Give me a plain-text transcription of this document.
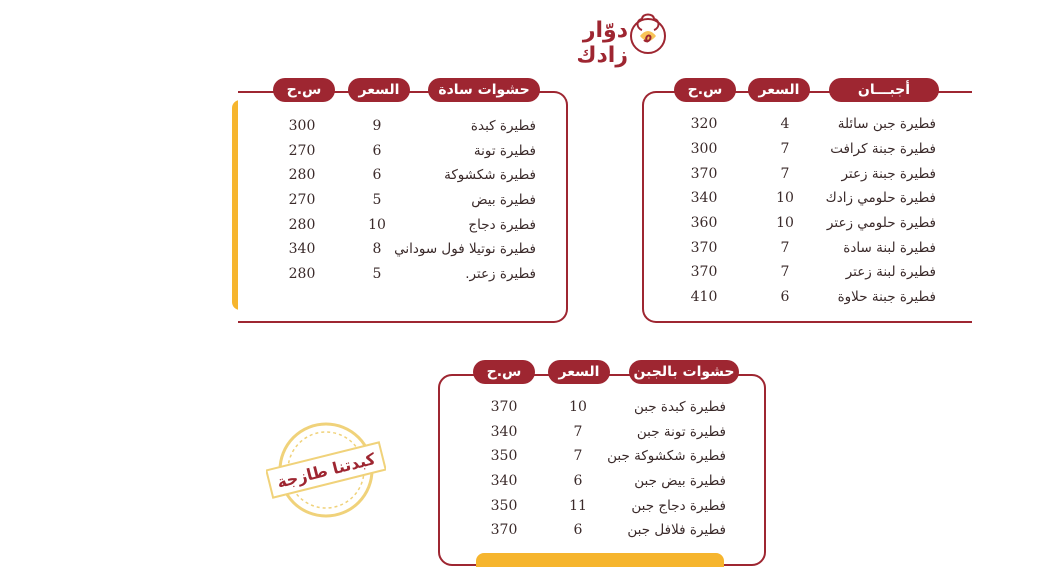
دوّار زادك
أجبـــان
السعر
س.ح
فطيرة جبن سائلة
4
320
فطيرة جبنة كرافت
7
300
فطيرة جبنة زعتر
7
370
فطيرة حلومي زادك
10
340
فطيرة حلومي زعتر
10
360
فطيرة لبنة سادة
7
370
فطيرة لبنة زعتر
7
370
فطيرة جبنة حلاوة
6
410
حشوات سادة
السعر
س.ح
فطيرة كبدة
9
300
فطيرة تونة
6
270
فطيرة شكشوكة
6
280
فطيرة بيض
5
270
فطيرة دجاج
10
280
فطيرة نوتيلا فول سوداني
8
340
فطيرة زعتر.
5
280
حشوات بالجبن
السعر
س.ح
فطيرة كبدة جبن
10
370
فطيرة تونة جبن
7
340
فطيرة شكشوكة جبن
7
350
فطيرة بيض جبن
6
340
فطيرة دجاج جبن
11
350
فطيرة فلافل جبن
6
370
كبدتنا طازجة
